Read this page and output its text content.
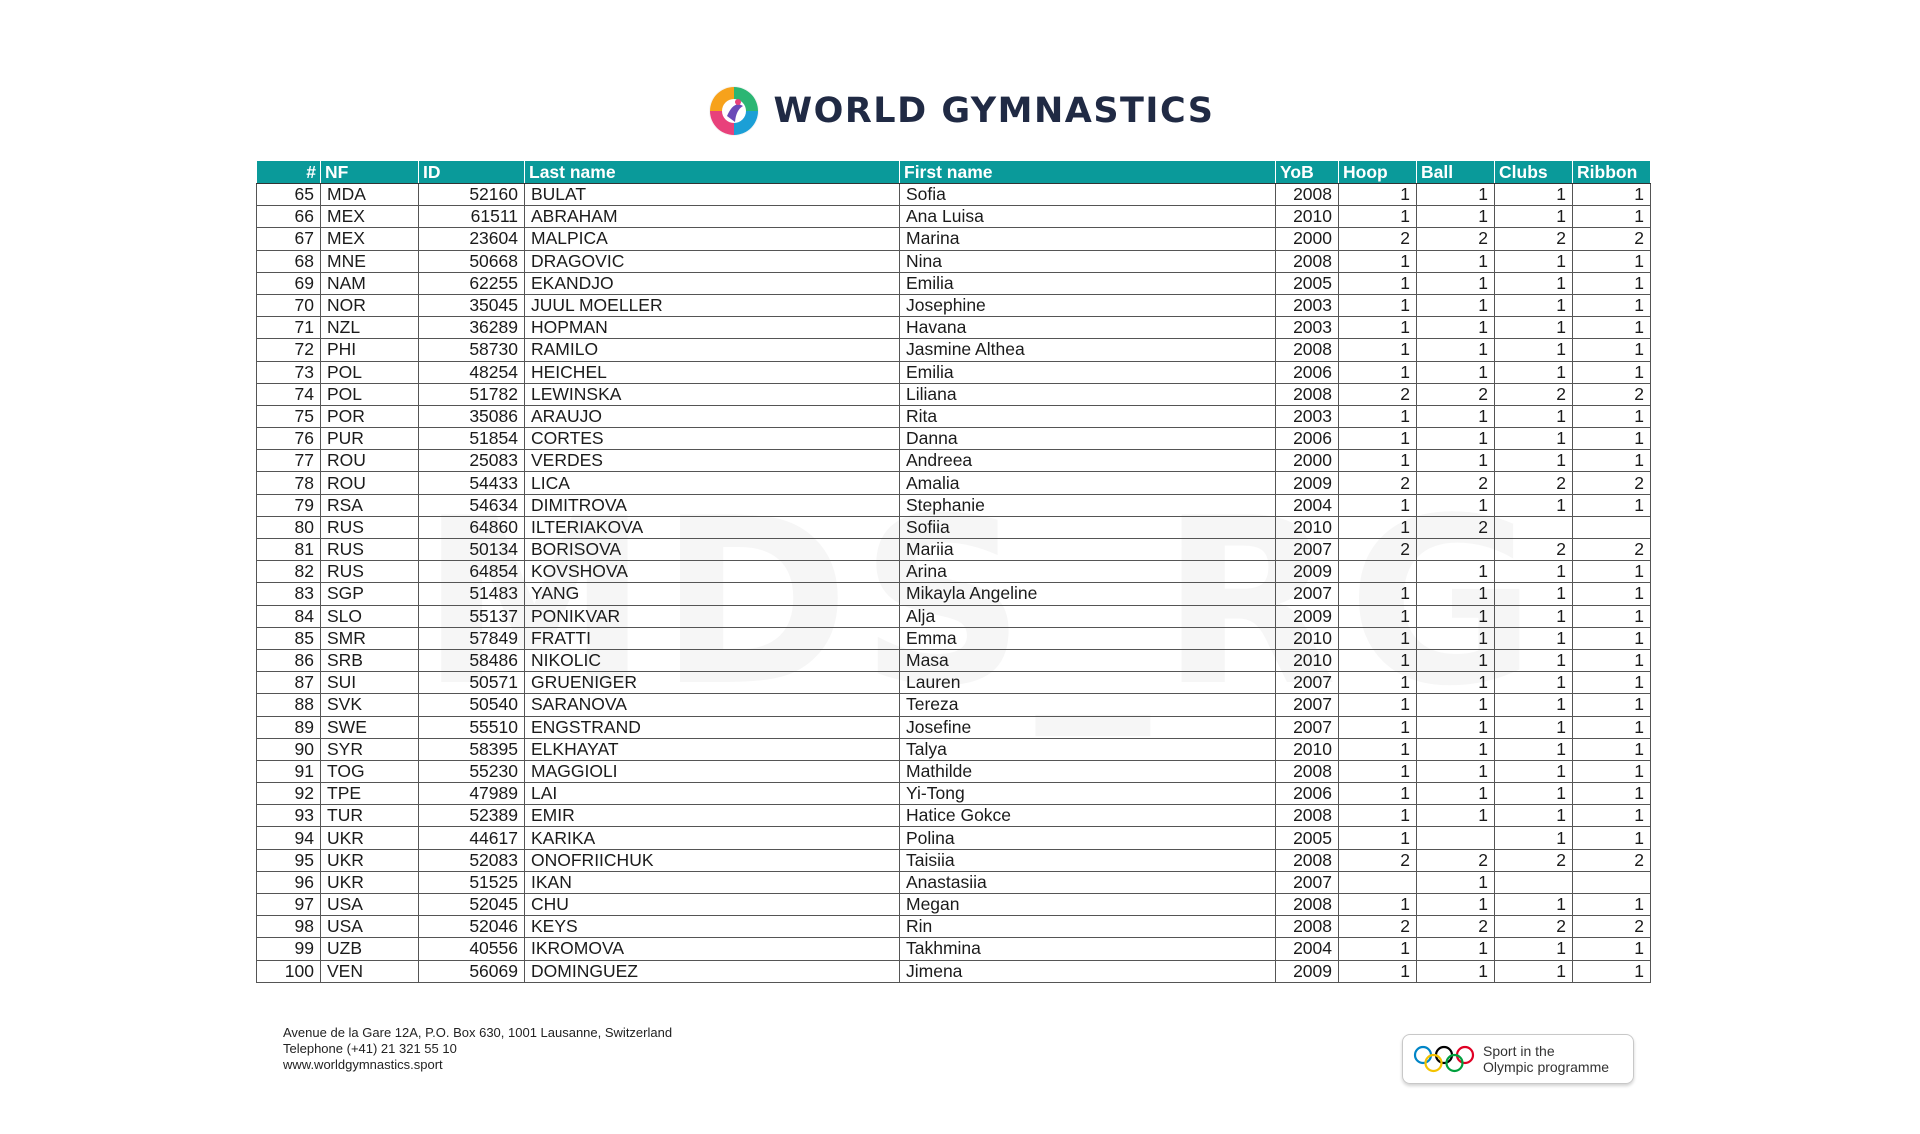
WORLD GYMNASTICS
#	NF	ID	Last name	First name	YoB	Hoop	Ball	Clubs	Ribbon
65	MDA	52160	BULAT	Sofia	2008	1	1	1	1
66	MEX	61511	ABRAHAM	Ana Luisa	2010	1	1	1	1
67	MEX	23604	MALPICA	Marina	2000	2	2	2	2
68	MNE	50668	DRAGOVIC	Nina	2008	1	1	1	1
69	NAM	62255	EKANDJO	Emilia	2005	1	1	1	1
70	NOR	35045	JUUL MOELLER	Josephine	2003	1	1	1	1
71	NZL	36289	HOPMAN	Havana	2003	1	1	1	1
72	PHI	58730	RAMILO	Jasmine Althea	2008	1	1	1	1
73	POL	48254	HEICHEL	Emilia	2006	1	1	1	1
74	POL	51782	LEWINSKA	Liliana	2008	2	2	2	2
75	POR	35086	ARAUJO	Rita	2003	1	1	1	1
76	PUR	51854	CORTES	Danna	2006	1	1	1	1
77	ROU	25083	VERDES	Andreea	2000	1	1	1	1
78	ROU	54433	LICA	Amalia	2009	2	2	2	2
79	RSA	54634	DIMITROVA	Stephanie	2004	1	1	1	1
80	RUS	64860	ILTERIAKOVA	Sofiia	2010	1	2		
81	RUS	50134	BORISOVA	Mariia	2007	2		2	2
82	RUS	64854	KOVSHOVA	Arina	2009		1	1	1
83	SGP	51483	YANG	Mikayla Angeline	2007	1	1	1	1
84	SLO	55137	PONIKVAR	Alja	2009	1	1	1	1
85	SMR	57849	FRATTI	Emma	2010	1	1	1	1
86	SRB	58486	NIKOLIC	Masa	2010	1	1	1	1
87	SUI	50571	GRUENIGER	Lauren	2007	1	1	1	1
88	SVK	50540	SARANOVA	Tereza	2007	1	1	1	1
89	SWE	55510	ENGSTRAND	Josefine	2007	1	1	1	1
90	SYR	58395	ELKHAYAT	Talya	2010	1	1	1	1
91	TOG	55230	MAGGIOLI	Mathilde	2008	1	1	1	1
92	TPE	47989	LAI	Yi-Tong	2006	1	1	1	1
93	TUR	52389	EMIR	Hatice Gokce	2008	1	1	1	1
94	UKR	44617	KARIKA	Polina	2005	1		1	1
95	UKR	52083	ONOFRIICHUK	Taisiia	2008	2	2	2	2
96	UKR	51525	IKAN	Anastasiia	2007		1		
97	USA	52045	CHU	Megan	2008	1	1	1	1
98	USA	52046	KEYS	Rin	2008	2	2	2	2
99	UZB	40556	IKROMOVA	Takhmina	2004	1	1	1	1
100	VEN	56069	DOMINGUEZ	Jimena	2009	1	1	1	1
Avenue de la Gare 12A, P.O. Box 630, 1001 Lausanne, Switzerland
Telephone (+41) 21 321 55 10
www.worldgymnastics.sport
Sport in the
Olympic programme
